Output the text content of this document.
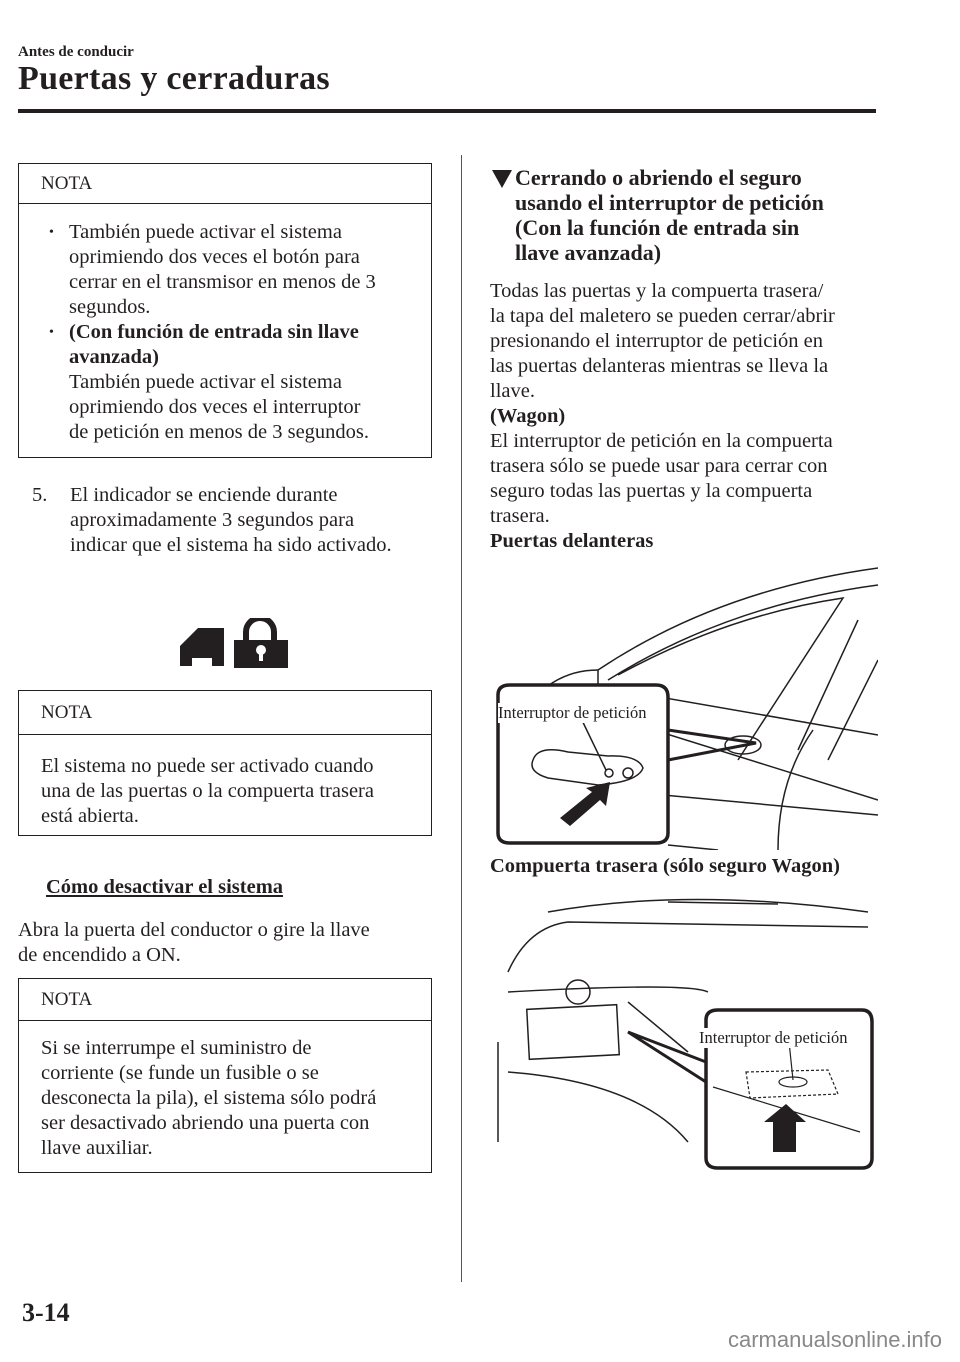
Antes de conducir
Puertas y cerraduras
NOTA
También puede activar el sistema
•
oprimiendo dos veces el botón para
cerrar en el transmisor en menos de 3
segundos.
(Con función de entrada sin llave
•
avanzada)
También puede activar el sistema
oprimiendo dos veces el interruptor
de petición en menos de 3 segundos.
5. El indicador se enciende durante
aproximadamente 3 segundos para
indicar que el sistema ha sido activado.
NOTA
El sistema no puede ser activado cuando
una de las puertas o la compuerta trasera
está abierta.
Cómo desactivar el sistema
Abra la puerta del conductor o gire la llave
de encendido a ON.
NOTA
Si se interrumpe el suministro de
corriente (se funde un fusible o se
desconecta la pila), el sistema sólo podrá
ser desactivado abriendo una puerta con
llave auxiliar.
Cerrando o abriendo el seguro
usando el interruptor de petición
(Con la función de entrada sin
llave avanzada)
Todas las puertas y la compuerta trasera/
la tapa del maletero se pueden cerrar/abrir
presionando el interruptor de petición en
las puertas delanteras mientras se lleva la
llave.
(Wagon)
El interruptor de petición en la compuerta
trasera sólo se puede usar para cerrar con
seguro todas las puertas y la compuerta
trasera.
Puertas delanteras
Interruptor de petición
Compuerta trasera (sólo seguro Wagon)
Interruptor de petición
3-14
carmanualsonline.info
